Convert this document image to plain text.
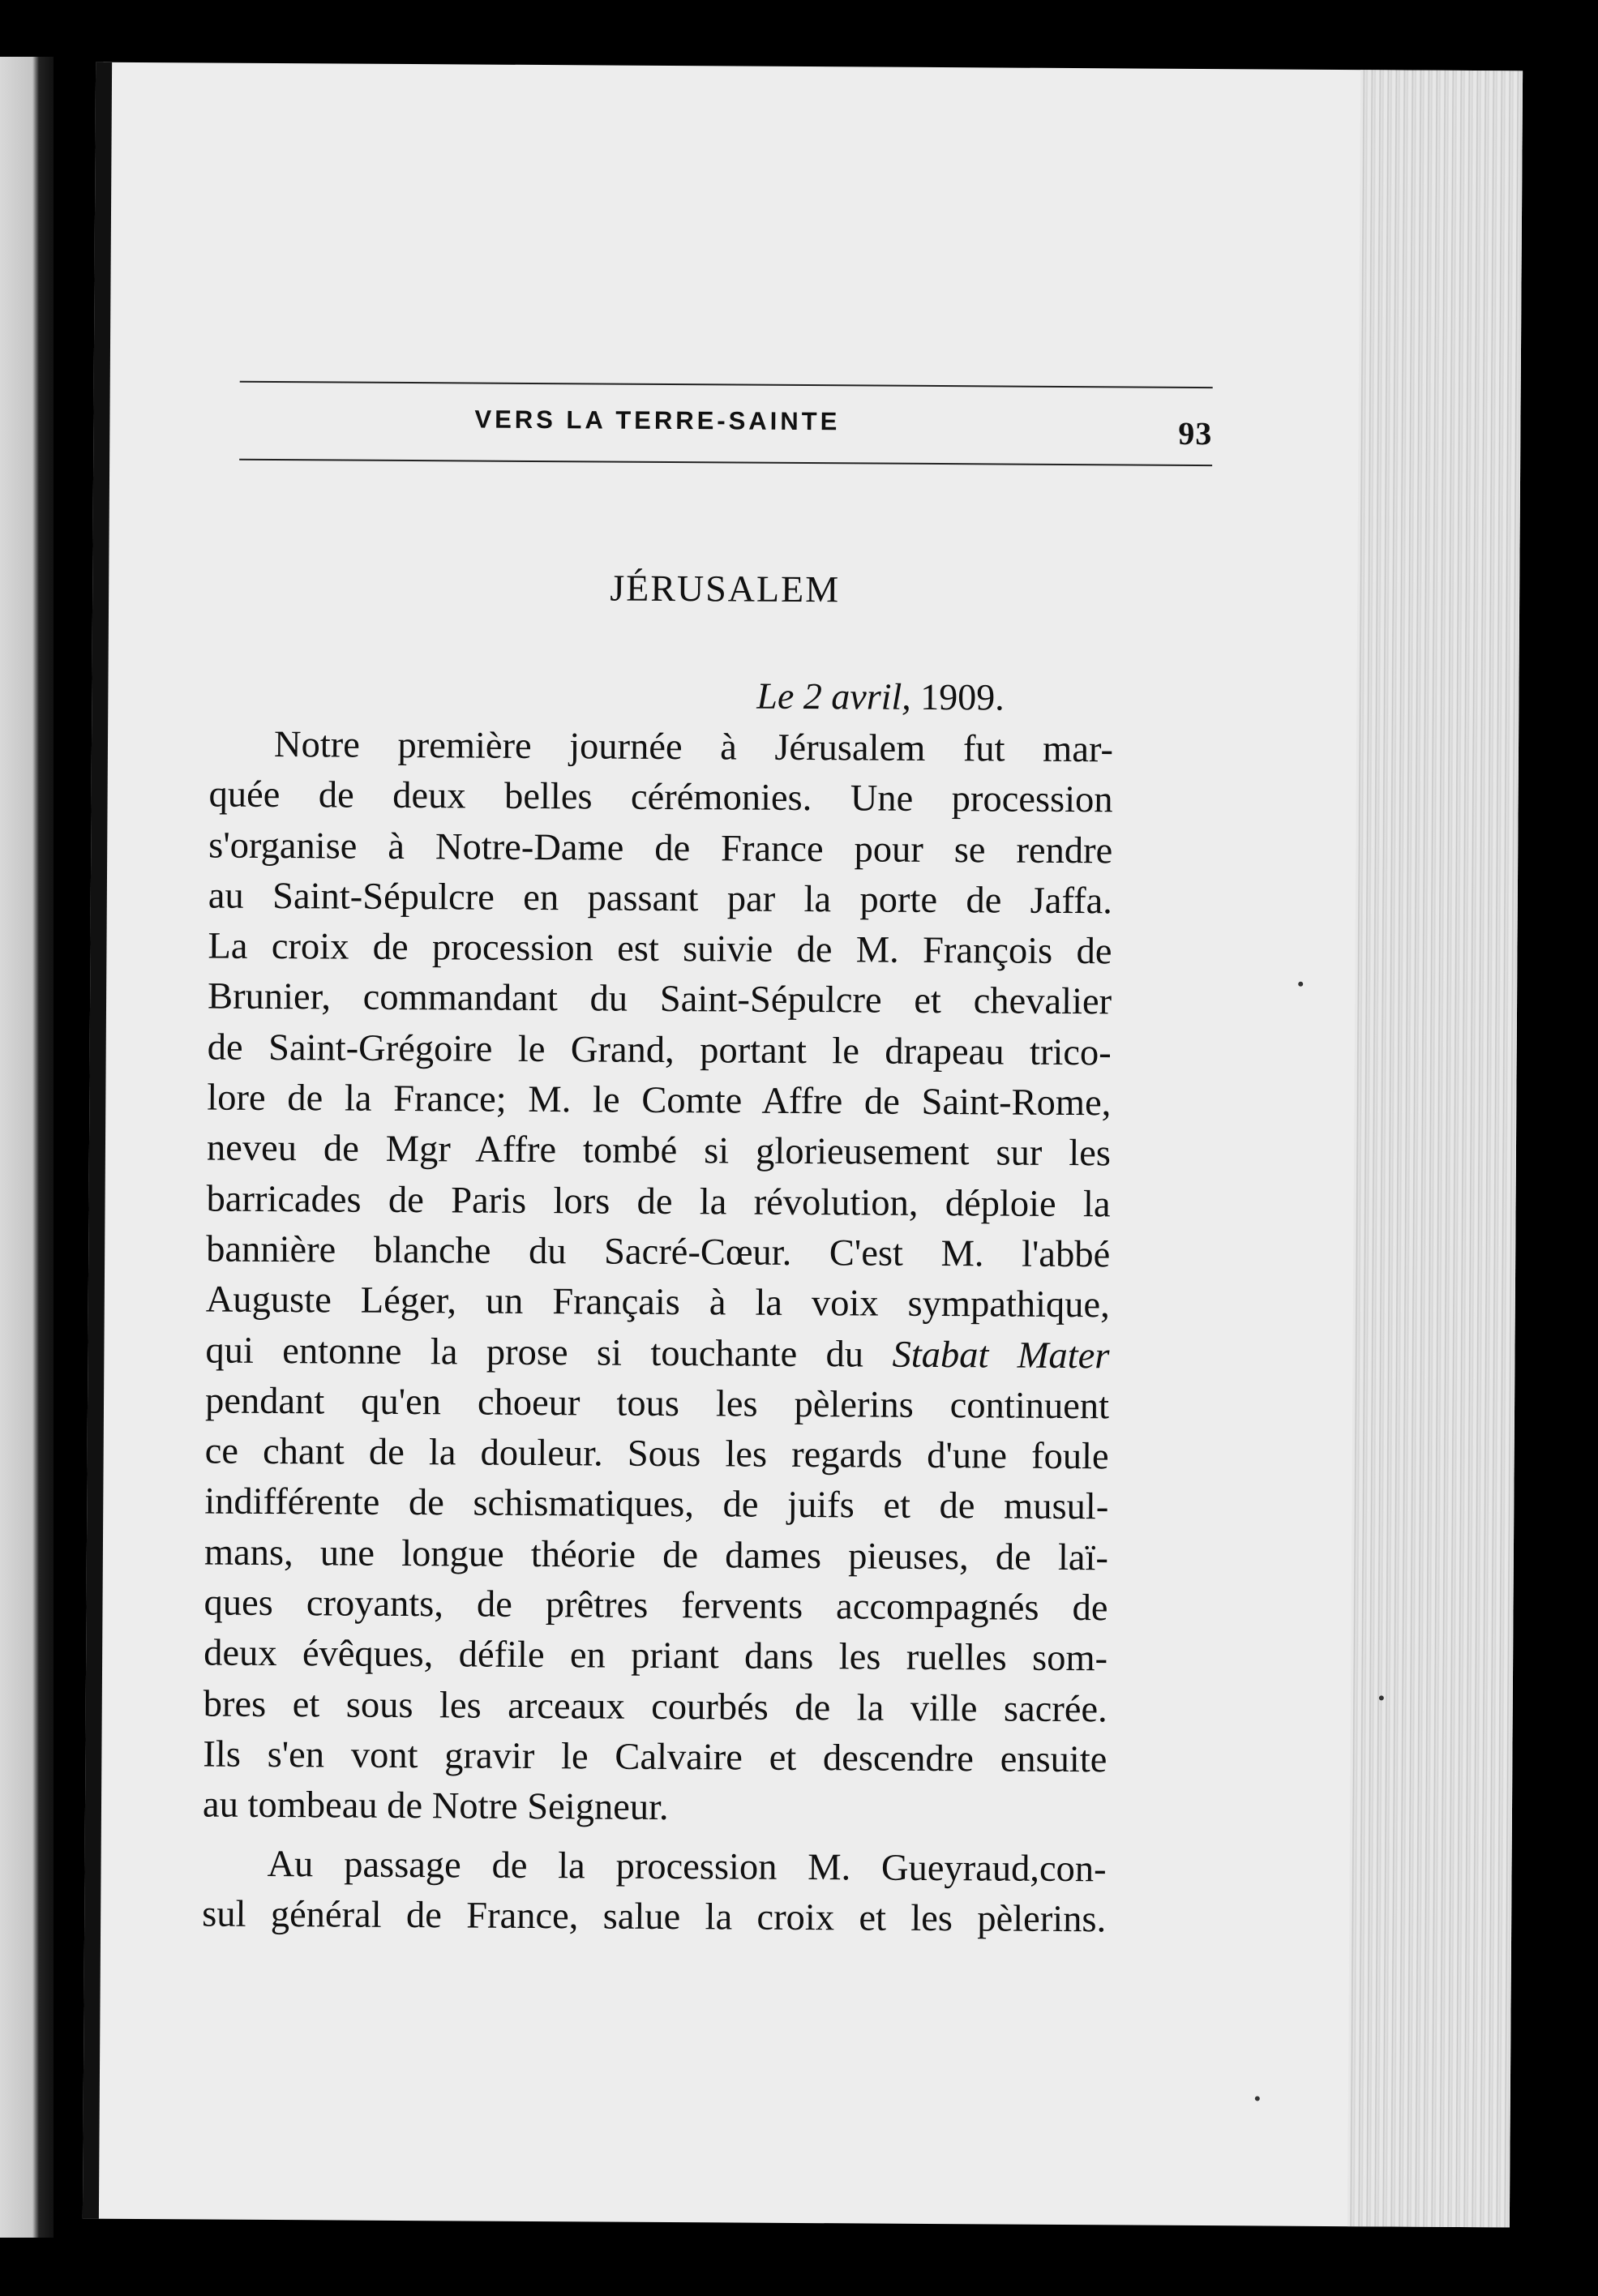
VERS LA TERRE-SAINTE	93
JÉRUSALEM
Le 2 avril, 1909.
Notre première journée à Jérusalem fut mar-
quée de deux belles cérémonies. Une procession
s'organise à Notre-Dame de France pour se rendre
au Saint-Sépulcre en passant par la porte de Jaffa.
La croix de procession est suivie de M. François de
Brunier, commandant du Saint-Sépulcre et chevalier
de Saint-Grégoire le Grand, portant le drapeau trico-
lore de la France; M. le Comte Affre de Saint-Rome,
neveu de Mgr Affre tombé si glorieusement sur les
barricades de Paris lors de la révolution, déploie la
bannière blanche du Sacré-Cœur. C'est M. l'abbé
Auguste Léger, un Français à la voix sympathique,
qui entonne la prose si touchante du Stabat Mater
pendant qu'en choeur tous les pèlerins continuent
ce chant de la douleur. Sous les regards d'une foule
indifférente de schismatiques, de juifs et de musul-
mans, une longue théorie de dames pieuses, de laï-
ques croyants, de prêtres fervents accompagnés de
deux évêques, défile en priant dans les ruelles som-
bres et sous les arceaux courbés de la ville sacrée.
Ils s'en vont gravir le Calvaire et descendre ensuite
au tombeau de Notre Seigneur.
Au passage de la procession M. Gueyraud,con-
sul général de France, salue la croix et les pèlerins.
